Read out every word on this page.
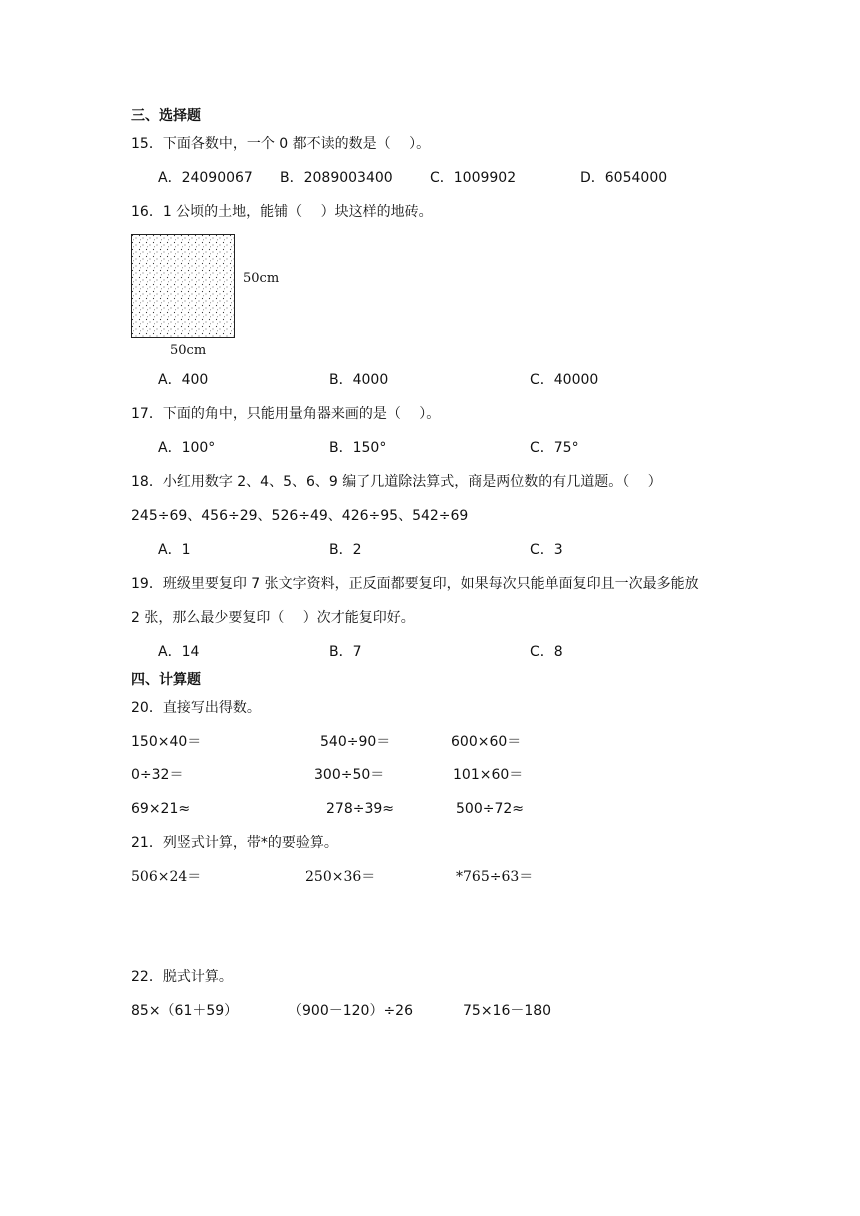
三、选择题
15．下面各数中，一个 0 都不读的数是（　 ）。
A．24090067 B．2089003400	C．1009902	D．6054000
16．1 公顷的土地，能铺（　 ）块这样的地砖。
50cm
50cm
A．400	B．4000	C．40000
17．下面的角中，只能用量角器来画的是（　 ）。
A．100°	B．150°	C．75°
18．小红用数字 2、4、5、6、9 编了几道除法算式，商是两位数的有几道题。（　 ）
245÷69、456÷29、526÷49、426÷95、542÷69
A．1	B．2	C．3
19．班级里要复印 7 张文字资料，正反面都要复印，如果每次只能单面复印且一次最多能放
2 张，那么最少要复印（　 ）次才能复印好。
A．14	B．7	C．8
四、计算题
20．直接写出得数。
150×40＝	540÷90＝	600×60＝
0÷32＝	300÷50＝	101×60＝
69×21≈	278÷39≈	500÷72≈
21．列竖式计算，带*的要验算。
506×24＝	250×36＝	*765÷63＝
22．脱式计算。
85×（61＋59）	（900－120）÷26	75×16－180
